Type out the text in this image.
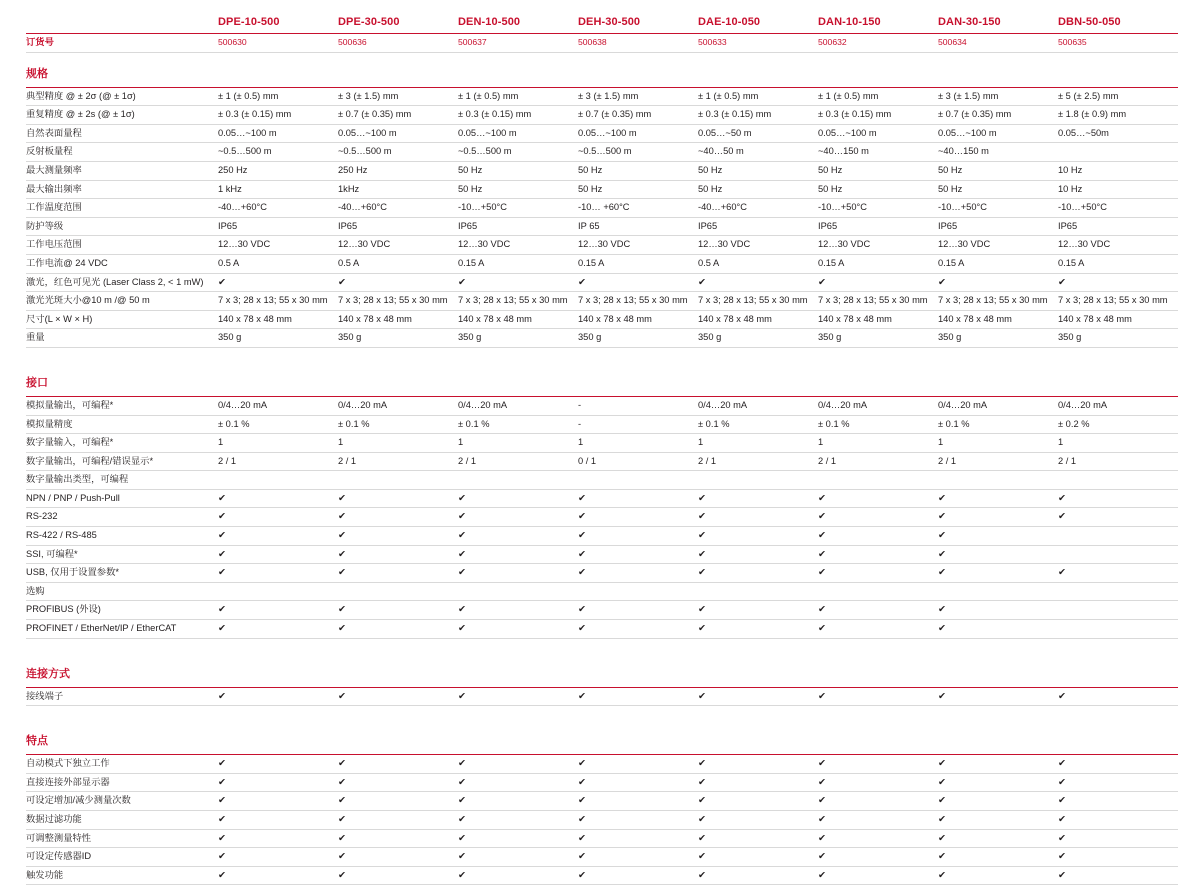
	DPE-10-500	DPE-30-500	DEN-10-500	DEH-30-500	DAE-10-050	DAN-10-150	DAN-30-150	DBN-50-050
订货号	500630	500636	500637	500638	500633	500632	500634	500635
规格								
典型精度 @ ± 2σ (@ ± 1σ)	± 1 (± 0.5) mm	± 3 (± 1.5) mm	± 1 (± 0.5) mm	± 3 (± 1.5) mm	± 1 (± 0.5) mm	± 1 (± 0.5) mm	± 3 (± 1.5) mm	± 5 (± 2.5) mm
重复精度 @ ± 2s (@ ± 1σ)	± 0.3 (± 0.15) mm	± 0.7 (± 0.35) mm	± 0.3 (± 0.15) mm	± 0.7 (± 0.35) mm	± 0.3 (± 0.15) mm	± 0.3 (± 0.15) mm	± 0.7 (± 0.35) mm	± 1.8 (± 0.9) mm
自然表面量程	0.05…~100 m	0.05…~100 m	0.05…~100 m	0.05…~100 m	0.05…~50 m	0.05…~100 m	0.05…~100 m	0.05…~50m
反射板量程	~0.5…500 m	~0.5…500 m	~0.5…500 m	~0.5…500 m	~40…50 m	~40…150 m	~40…150 m	
最大测量频率	250 Hz	250 Hz	50 Hz	50 Hz	50 Hz	50 Hz	50 Hz	10 Hz
最大输出频率	1 kHz	1kHz	50 Hz	50 Hz	50 Hz	50 Hz	50 Hz	10 Hz
工作温度范围	-40…+60°C	-40…+60°C	-10…+50°C	-10… +60°C	-40…+60°C	-10…+50°C	-10…+50°C	-10…+50°C
防护等级	IP65	IP65	IP65	IP 65	IP65	IP65	IP65	IP65
工作电压范围	12…30 VDC	12…30 VDC	12…30 VDC	12…30 VDC	12…30 VDC	12…30 VDC	12…30 VDC	12…30 VDC
工作电流@ 24 VDC	0.5 A	0.5 A	0.15 A	0.15 A	0.5 A	0.15 A	0.15 A	0.15 A
激光，红色可见光 (Laser Class 2, < 1 mW)	✔	✔	✔	✔	✔	✔	✔	✔
激光光斑大小@10 m /@ 50 m	7 x 3; 28 x 13; 55 x 30 mm	7 x 3; 28 x 13; 55 x 30 mm	7 x 3; 28 x 13; 55 x 30 mm	7 x 3; 28 x 13; 55 x 30 mm	7 x 3; 28 x 13; 55 x 30 mm	7 x 3; 28 x 13; 55 x 30 mm	7 x 3; 28 x 13; 55 x 30 mm	7 x 3; 28 x 13; 55 x 30 mm
尺寸(L × W × H)	140 x 78 x 48 mm	140 x 78 x 48 mm	140 x 78 x 48 mm	140 x 78 x 48 mm	140 x 78 x 48 mm	140 x 78 x 48 mm	140 x 78 x 48 mm	140 x 78 x 48 mm
重量	350 g	350 g	350 g	350 g	350 g	350 g	350 g	350 g

接口								
模拟量输出，可编程*	0/4…20 mA	0/4…20 mA	0/4…20 mA	-	0/4…20 mA	0/4…20 mA	0/4…20 mA	0/4…20 mA
模拟量精度	± 0.1 %	± 0.1 %	± 0.1 %	-	± 0.1 %	± 0.1 %	± 0.1 %	± 0.2 %
数字量输入，可编程*	1	1	1	1	1	1	1	1
数字量输出，可编程/错误显示*	2 / 1	2 / 1	2 / 1	0 / 1	2 / 1	2 / 1	2 / 1	2 / 1
数字量输出类型，可编程								
NPN / PNP / Push-Pull	✔	✔	✔	✔	✔	✔	✔	✔
RS-232	✔	✔	✔	✔	✔	✔	✔	✔
RS-422 / RS-485	✔	✔	✔	✔	✔	✔	✔	
SSI, 可编程*	✔	✔	✔	✔	✔	✔	✔	
USB, 仅用于设置参数*	✔	✔	✔	✔	✔	✔	✔	✔
选购								
PROFIBUS (外设)	✔	✔	✔	✔	✔	✔	✔	
PROFINET / EtherNet/IP / EtherCAT	✔	✔	✔	✔	✔	✔	✔	

连接方式								
接线端子	✔	✔	✔	✔	✔	✔	✔	✔

特点								
自动模式下独立工作	✔	✔	✔	✔	✔	✔	✔	✔
直接连接外部显示器	✔	✔	✔	✔	✔	✔	✔	✔
可设定增加/减少测量次数	✔	✔	✔	✔	✔	✔	✔	✔
数据过滤功能	✔	✔	✔	✔	✔	✔	✔	✔
可调整测量特性	✔	✔	✔	✔	✔	✔	✔	✔
可设定传感器ID	✔	✔	✔	✔	✔	✔	✔	✔
触发功能	✔	✔	✔	✔	✔	✔	✔	✔
